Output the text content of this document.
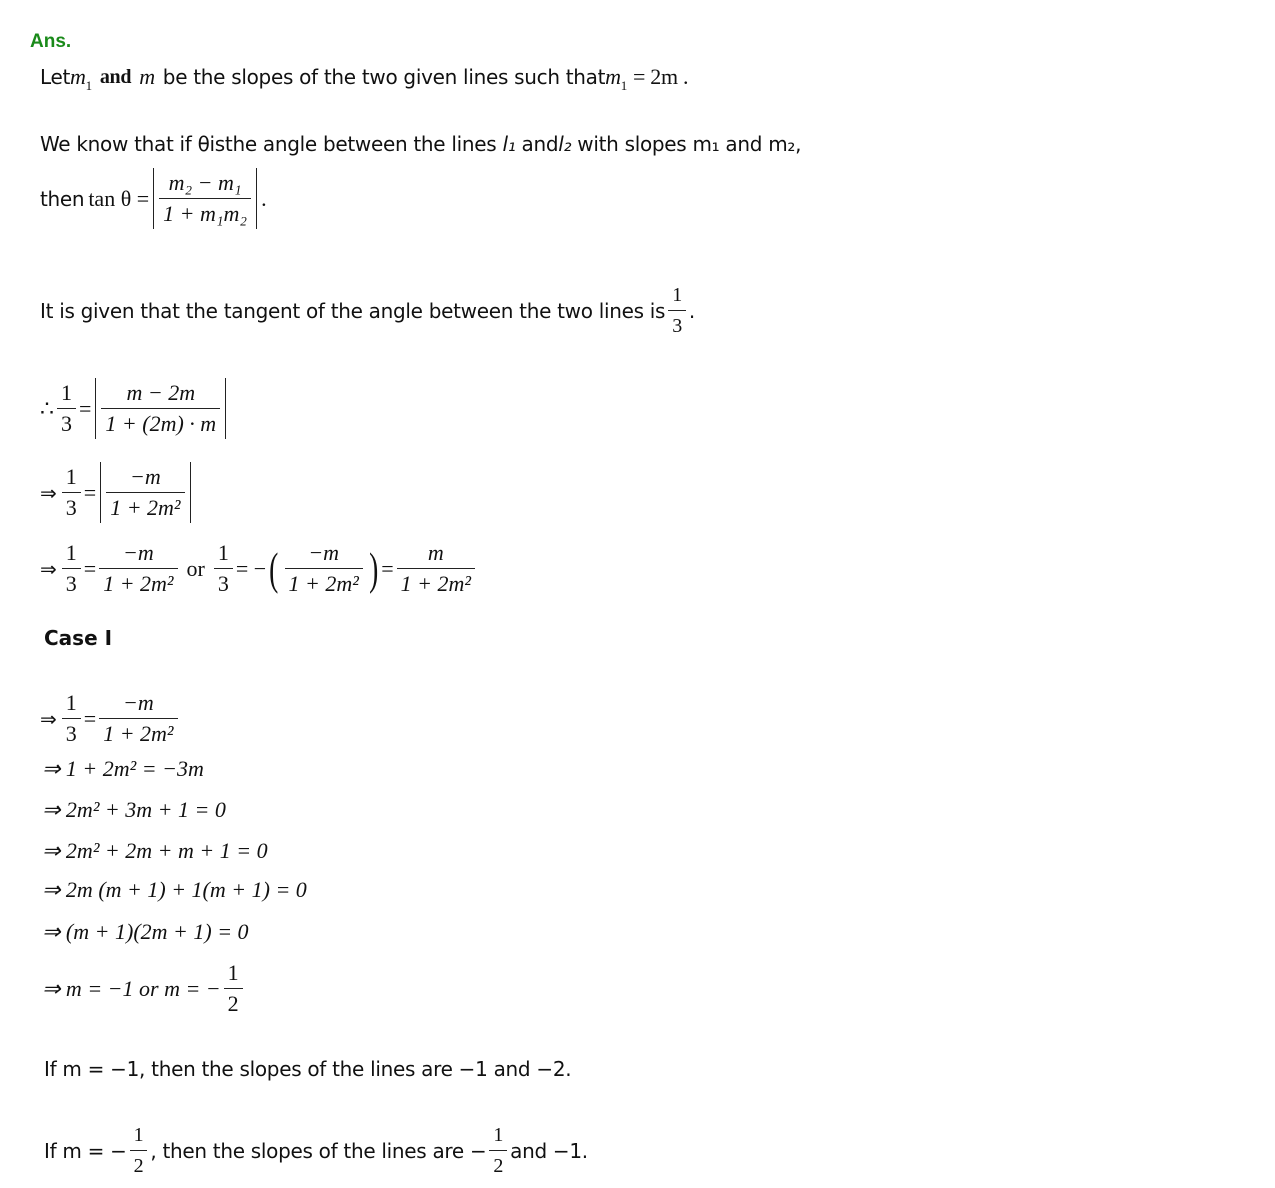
Ans.
Let $m_1$ and m be the slopes of the two given lines such that $m_1 = 2m$ .
We know that if θisthe angle between the lines l₁ andl₂ with slopes m₁ and m₂,
then $\tan \theta = \frac{\text{m₂ − m₁}}{\text{1 + m₁m₂}}$ .
It is given that the tangent of the angle between the two lines is $\frac{1}{3}$ .
∴ $\frac{1}{3} = \frac{m - 2m}{1 + (2m) \cdot m}$
⇒ $\frac{1}{3} = \frac{-m}{\text{1 + 2m²}}$
⇒ $\frac{1}{3} = \frac{-m}{\text{1 + 2m²}}$ or $\frac{1}{3}$ = − ( $\frac{-m}{\text{1 + 2m²}}$ ) = $\frac{m}{\text{1 + 2m²}}$
Case I
⇒ $\frac{1}{3} = \frac{-m}{\text{1 + 2m²}}$
⇒ 1 + 2m² = −3m
⇒ 2m² + 3m + 1 = 0
⇒ 2m² + 2m + m + 1 = 0
⇒ 2m (m + 1) + 1(m + 1) = 0
⇒ (m + 1)(2m + 1) = 0
⇒ m = −1 or m = − $\frac{1}{2}$
If m = −1, then the slopes of the lines are −1 and −2.
If m = − $\frac{1}{2}$ , then the slopes of the lines are − $\frac{1}{2}$ and −1.
